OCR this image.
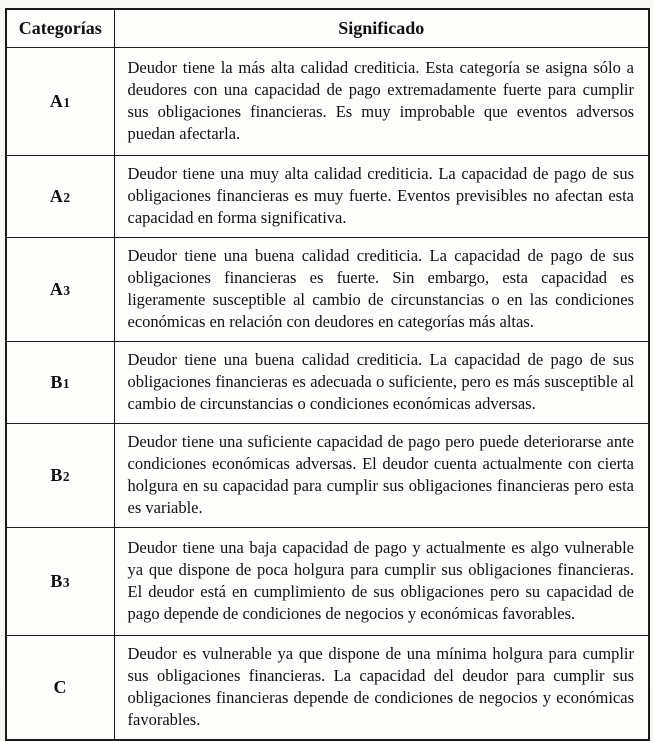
Categorías	Significado
A1	Deudor tiene la más alta calidad crediticia. Esta categoría se asigna sólo a deudores con una capacidad de pago extremadamente fuerte para cumplir sus obligaciones financieras. Es muy improbable que eventos adversos puedan afectarla.
A2	Deudor tiene una muy alta calidad crediticia. La capacidad de pago de sus obligaciones financieras es muy fuerte. Eventos previsibles no afectan esta capacidad en forma significativa.
A3	Deudor tiene una buena calidad crediticia. La capacidad de pago de sus obligaciones financieras es fuerte. Sin embargo, esta capacidad es ligeramente susceptible al cambio de circunstancias o en las condiciones económicas en relación con deudores en categorías más altas.
B1	Deudor tiene una buena calidad crediticia. La capacidad de pago de sus obligaciones financieras es adecuada o suficiente, pero es más susceptible al cambio de circunstancias o condiciones económicas adversas.
B2	Deudor tiene una suficiente capacidad de pago pero puede deteriorarse ante condiciones económicas adversas. El deudor cuenta actualmente con cierta holgura en su capacidad para cumplir sus obligaciones financieras pero esta es variable.
B3	Deudor tiene una baja capacidad de pago y actualmente es algo vulnerable ya que dispone de poca holgura para cumplir sus obligaciones financieras. El deudor está en cumplimiento de sus obligaciones pero su capacidad de pago depende de condiciones de negocios y económicas favorables.
C	Deudor es vulnerable ya que dispone de una mínima holgura para cumplir sus obligaciones financieras. La capacidad del deudor para cumplir sus obligaciones financieras depende de condiciones de negocios y económicas favorables.
